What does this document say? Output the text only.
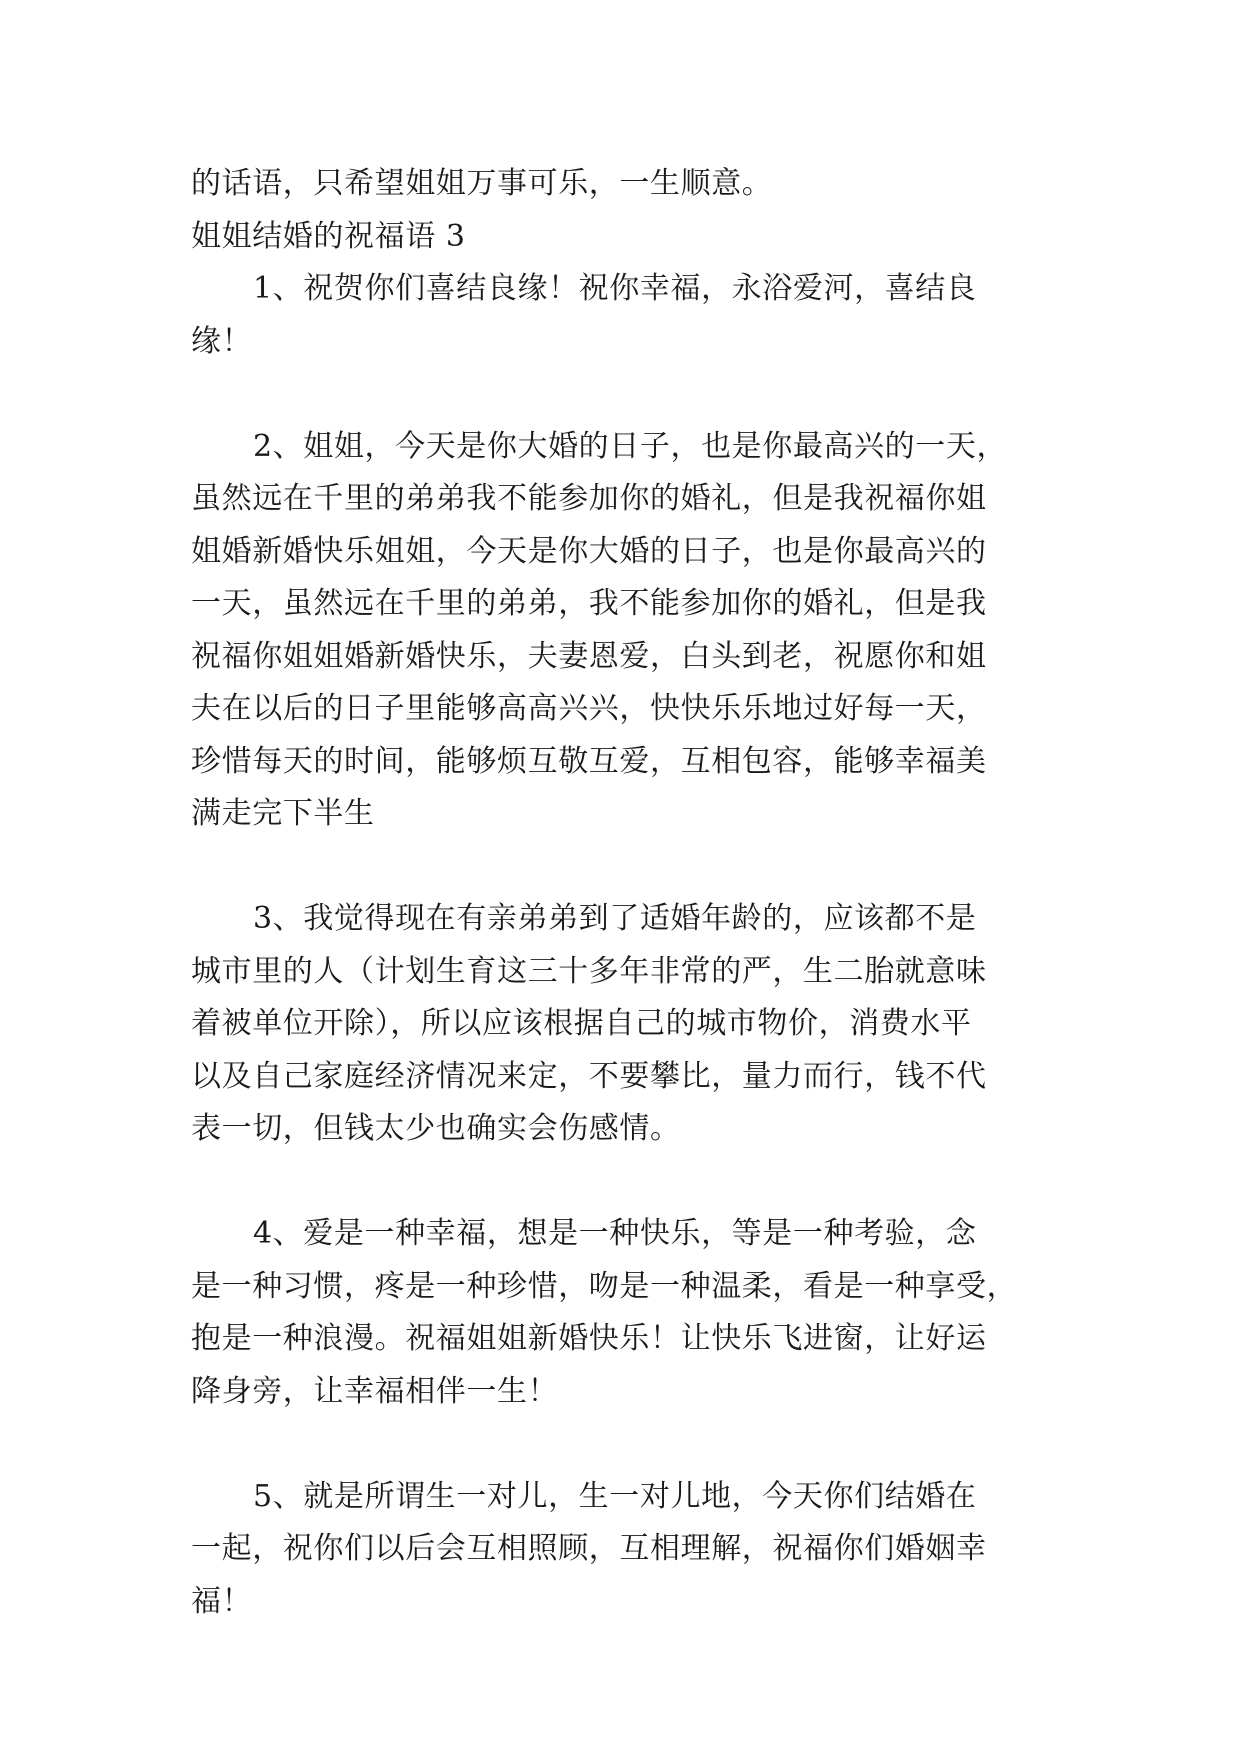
的话语，只希望姐姐万事可乐，一生顺意。
姐姐结婚的祝福语 3
1、祝贺你们喜结良缘！祝你幸福，永浴爱河，喜结良
缘！
2、姐姐，今天是你大婚的日子，也是你最高兴的一天，
虽然远在千里的弟弟我不能参加你的婚礼，但是我祝福你姐
姐婚新婚快乐姐姐，今天是你大婚的日子，也是你最高兴的
一天，虽然远在千里的弟弟，我不能参加你的婚礼，但是我
祝福你姐姐婚新婚快乐，夫妻恩爱，白头到老，祝愿你和姐
夫在以后的日子里能够高高兴兴，快快乐乐地过好每一天，
珍惜每天的时间，能够烦互敬互爱，互相包容，能够幸福美
满走完下半生
3、我觉得现在有亲弟弟到了适婚年龄的，应该都不是
城市里的人（计划生育这三十多年非常的严，生二胎就意味
着被单位开除），所以应该根据自己的城市物价，消费水平
以及自己家庭经济情况来定，不要攀比，量力而行，钱不代
表一切，但钱太少也确实会伤感情。
4、爱是一种幸福，想是一种快乐，等是一种考验，念
是一种习惯，疼是一种珍惜，吻是一种温柔，看是一种享受，
抱是一种浪漫。祝福姐姐新婚快乐！让快乐飞进窗，让好运
降身旁，让幸福相伴一生！
5、就是所谓生一对儿，生一对儿地，今天你们结婚在
一起，祝你们以后会互相照顾，互相理解，祝福你们婚姻幸
福！
